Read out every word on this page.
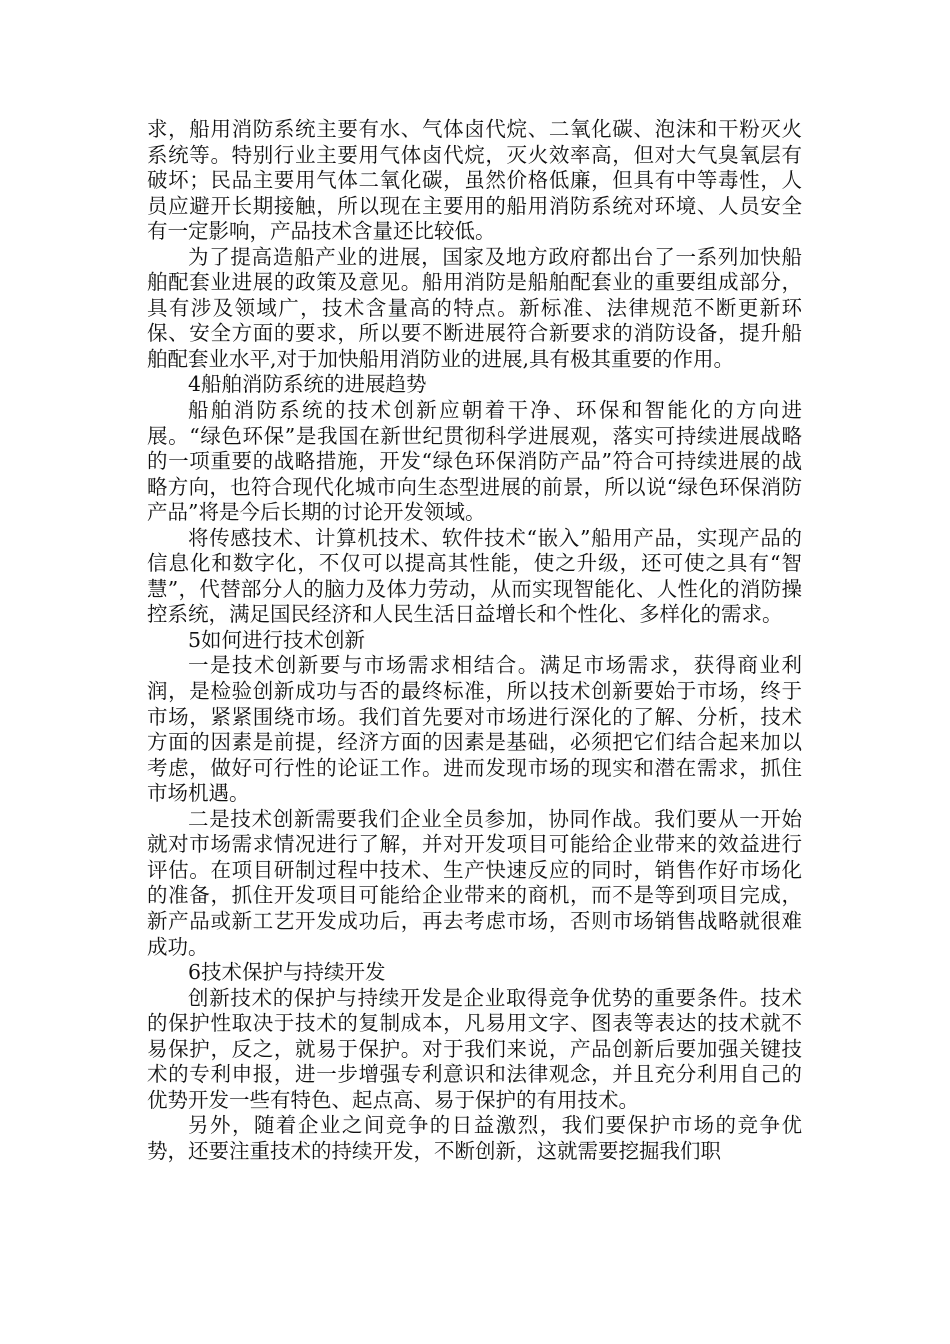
求，船用消防系统主要有水、气体卤代烷、二氧化碳、泡沫和干粉灭火系统等。特别行业主要用气体卤代烷，灭火效率高，但对大气臭氧层有破坏；民品主要用气体二氧化碳，虽然价格低廉，但具有中等毒性，人员应避开长期接触，所以现在主要用的船用消防系统对环境、人员安全有一定影响，产品技术含量还比较低。

为了提高造船产业的进展，国家及地方政府都出台了一系列加快船舶配套业进展的政策及意见。船用消防是船舶配套业的重要组成部分，具有涉及领域广，技术含量高的特点。新标准、法律规范不断更新环保、安全方面的要求，所以要不断进展符合新要求的消防设备，提升船舶配套业水平,对于加快船用消防业的进展,具有极其重要的作用。

4船舶消防系统的进展趋势

船舶消防系统的技术创新应朝着干净、环保和智能化的方向进展。“绿色环保”是我国在新世纪贯彻科学进展观，落实可持续进展战略的一项重要的战略措施，开发“绿色环保消防产品”符合可持续进展的战略方向，也符合现代化城市向生态型进展的前景，所以说“绿色环保消防产品”将是今后长期的讨论开发领域。

将传感技术、计算机技术、软件技术“嵌入”船用产品，实现产品的信息化和数字化，不仅可以提高其性能，使之升级，还可使之具有“智慧”，代替部分人的脑力及体力劳动，从而实现智能化、人性化的消防操控系统，满足国民经济和人民生活日益增长和个性化、多样化的需求。

5如何进行技术创新

一是技术创新要与市场需求相结合。满足市场需求，获得商业利润，是检验创新成功与否的最终标准，所以技术创新要始于市场，终于市场，紧紧围绕市场。我们首先要对市场进行深化的了解、分析，技术方面的因素是前提，经济方面的因素是基础，必须把它们结合起来加以考虑，做好可行性的论证工作。进而发现市场的现实和潜在需求，抓住市场机遇。

二是技术创新需要我们企业全员参加，协同作战。我们要从一开始就对市场需求情况进行了解，并对开发项目可能给企业带来的效益进行评估。在项目研制过程中技术、生产快速反应的同时，销售作好市场化的准备，抓住开发项目可能给企业带来的商机，而不是等到项目完成，新产品或新工艺开发成功后，再去考虑市场，否则市场销售战略就很难成功。

6技术保护与持续开发

创新技术的保护与持续开发是企业取得竞争优势的重要条件。技术的保护性取决于技术的复制成本，凡易用文字、图表等表达的技术就不易保护，反之，就易于保护。对于我们来说，产品创新后要加强关键技术的专利申报，进一步增强专利意识和法律观念，并且充分利用自己的优势开发一些有特色、起点高、易于保护的有用技术。

另外，随着企业之间竞争的日益激烈，我们要保护市场的竞争优势，还要注重技术的持续开发，不断创新，这就需要挖掘我们职
